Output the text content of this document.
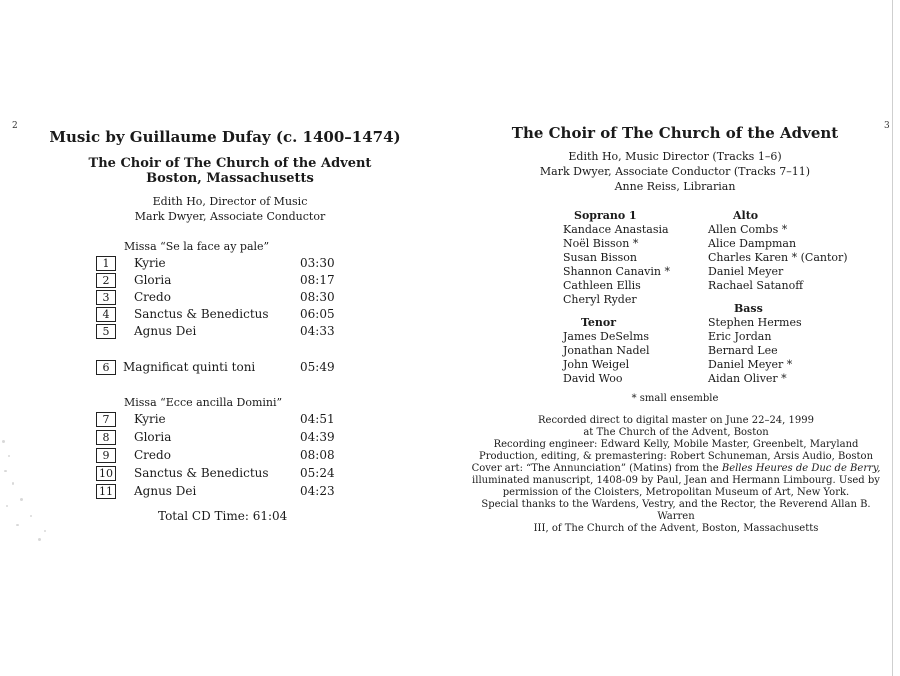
2
Music by Guillaume Dufay (c. 1400–1474)
The Choir of The Church of the Advent
Boston, Massachusetts
Edith Ho, Director of Music
Mark Dwyer, Associate Conductor
Missa “Se la face ay pale”
1	Kyrie	03:30
2	Gloria	08:17
3	Credo	08:30
4	Sanctus & Benedictus	06:05
5	Agnus Dei	04:33
6	Magnificat quinti toni	05:49
Missa “Ecce ancilla Domini”
7	Kyrie	04:51
8	Gloria	04:39
9	Credo	08:08
10 Sanctus & Benedictus	05:24
11 Agnus Dei	04:23
Total CD Time: 61:04
3
The Choir of The Church of the Advent
Edith Ho, Music Director (Tracks 1–6)
Mark Dwyer, Associate Conductor (Tracks 7–11)
Anne Reiss, Librarian
Soprano 1
Kandace Anastasia
Noël Bisson *
Susan Bisson
Shannon Canavin *
Cathleen Ellis
Cheryl Ryder
Tenor
James DeSelms
Jonathan Nadel
John Weigel
David Woo
Alto
Allen Combs *
Alice Dampman
Charles Karen * (Cantor)
Daniel Meyer
Rachael Satanoff
Bass
Stephen Hermes
Eric Jordan
Bernard Lee
Daniel Meyer *
Aidan Oliver *
* small ensemble
Recorded direct to digital master on June 22–24, 1999
at The Church of the Advent, Boston
Recording engineer: Edward Kelly, Mobile Master, Greenbelt, Maryland
Production, editing, & premastering: Robert Schuneman, Arsis Audio, Boston
Cover art: “The Annunciation” (Matins) from the Belles Heures de Duc de Berry,
illuminated manuscript, 1408-09 by Paul, Jean and Hermann Limbourg. Used by
permission of the Cloisters, Metropolitan Museum of Art, New York.
Special thanks to the Wardens, Vestry, and the Rector, the Reverend Allan B. Warren
III, of The Church of the Advent, Boston, Massachusetts
